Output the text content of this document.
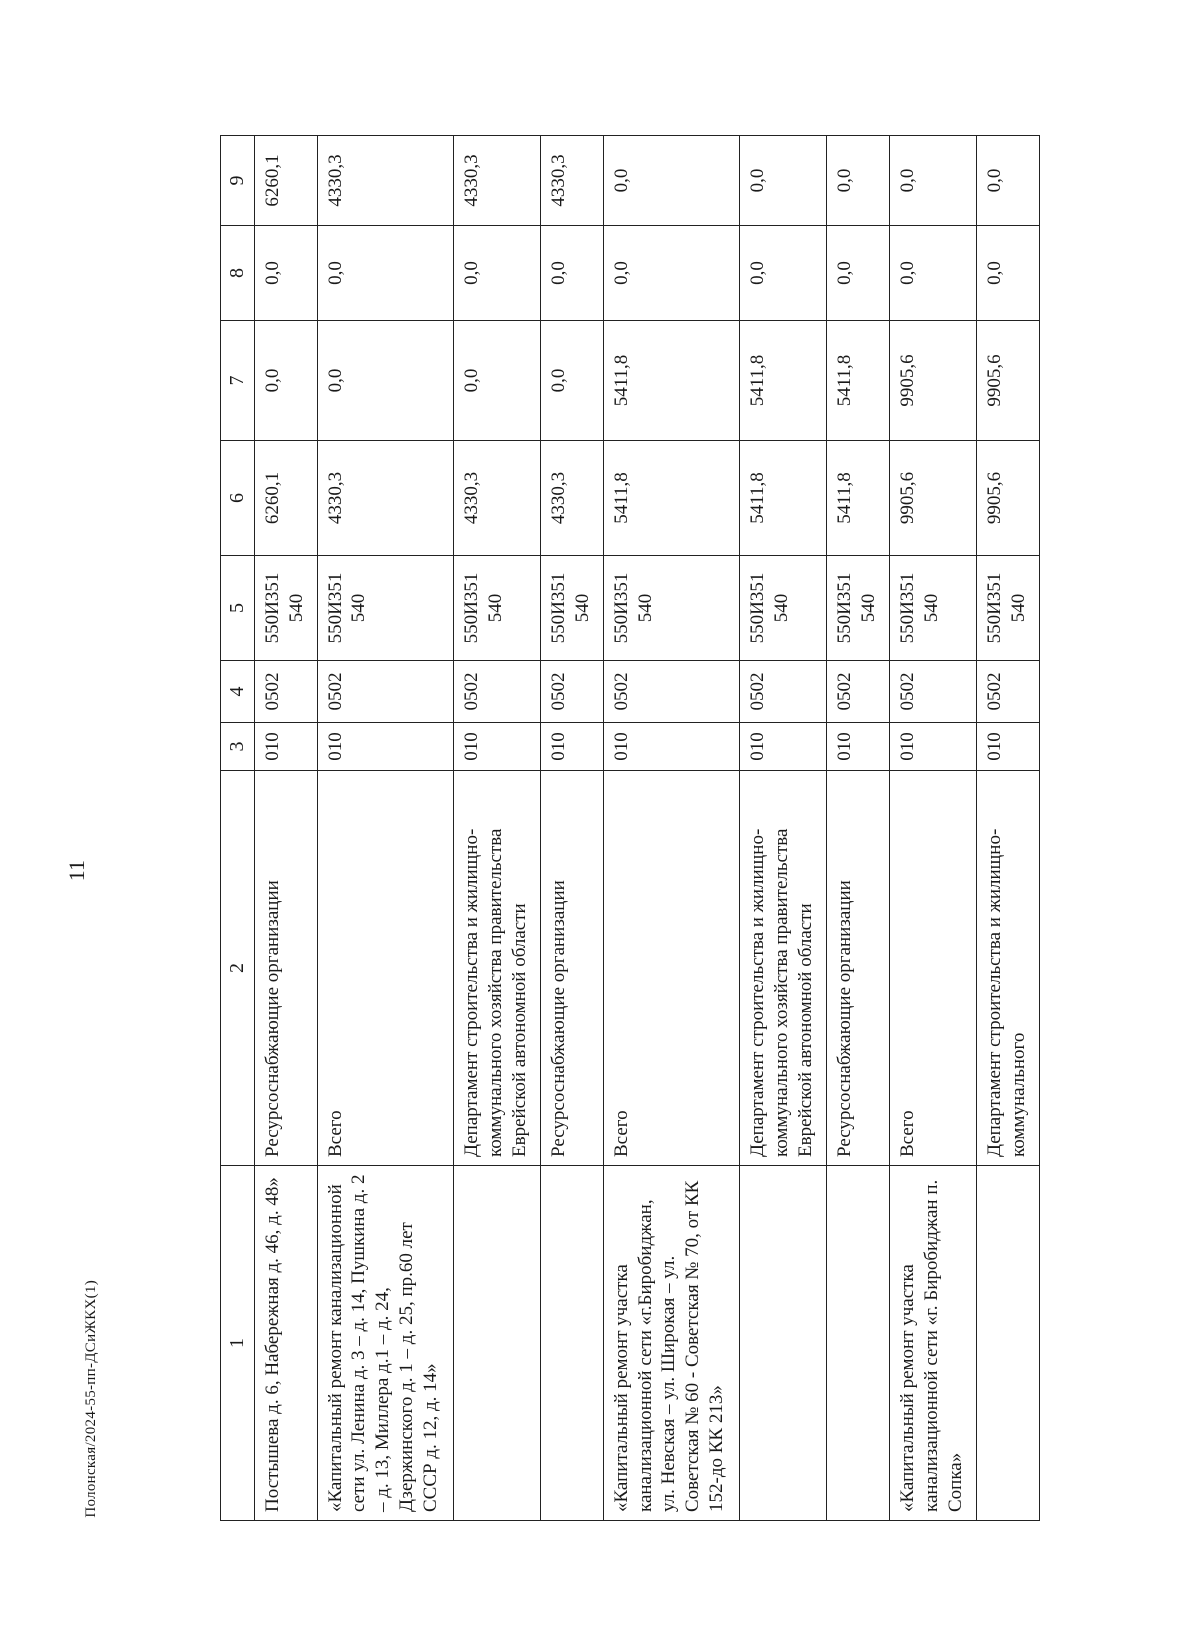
11
Полонская/2024-55-пп-ДСиЖКХ(1)	1	2	3	4	5	6	7	8	9
Постышева д. 6, Набережная д. 46, д. 48»	Ресурсоснабжающие организации	010	0502	550И351 540	6260,1	0,0	0,0	6260,1
«Капитальный ремонт канализационной сети ул. Ленина д. 3 – д. 14, Пушкина д. 2 – д. 13, Миллера д.1 – д. 24, Дзержинского д. 1 – д. 25, пр.60 лет СССР д. 12, д. 14»	Всего	010	0502	550И351 540	4330,3	0,0	0,0	4330,3
	Департамент строительства и жилищно-коммунального хозяйства правительства Еврейской автономной области	010	0502	550И351 540	4330,3	0,0	0,0	4330,3
	Ресурсоснабжающие организации	010	0502	550И351 540	4330,3	0,0	0,0	4330,3
«Капитальный ремонт участка канализационной сети «г.Биробиджан, ул. Невская – ул. Широкая – ул. Советская № 60 - Советская № 70, от КК 152-до КК 213»	Всего	010	0502	550И351 540	5411,8	5411,8	0,0	0,0
	Департамент строительства и жилищно-коммунального хозяйства правительства Еврейской автономной области	010	0502	550И351 540	5411,8	5411,8	0,0	0,0
	Ресурсоснабжающие организации	010	0502	550И351 540	5411,8	5411,8	0,0	0,0
«Капитальный ремонт участка канализационной сети «г. Биробиджан п. Сопка»	Всего	010	0502	550И351 540	9905,6	9905,6	0,0	0,0
	Департамент строительства и жилищно-коммунального	010	0502	550И351 540	9905,6	9905,6	0,0	0,0
